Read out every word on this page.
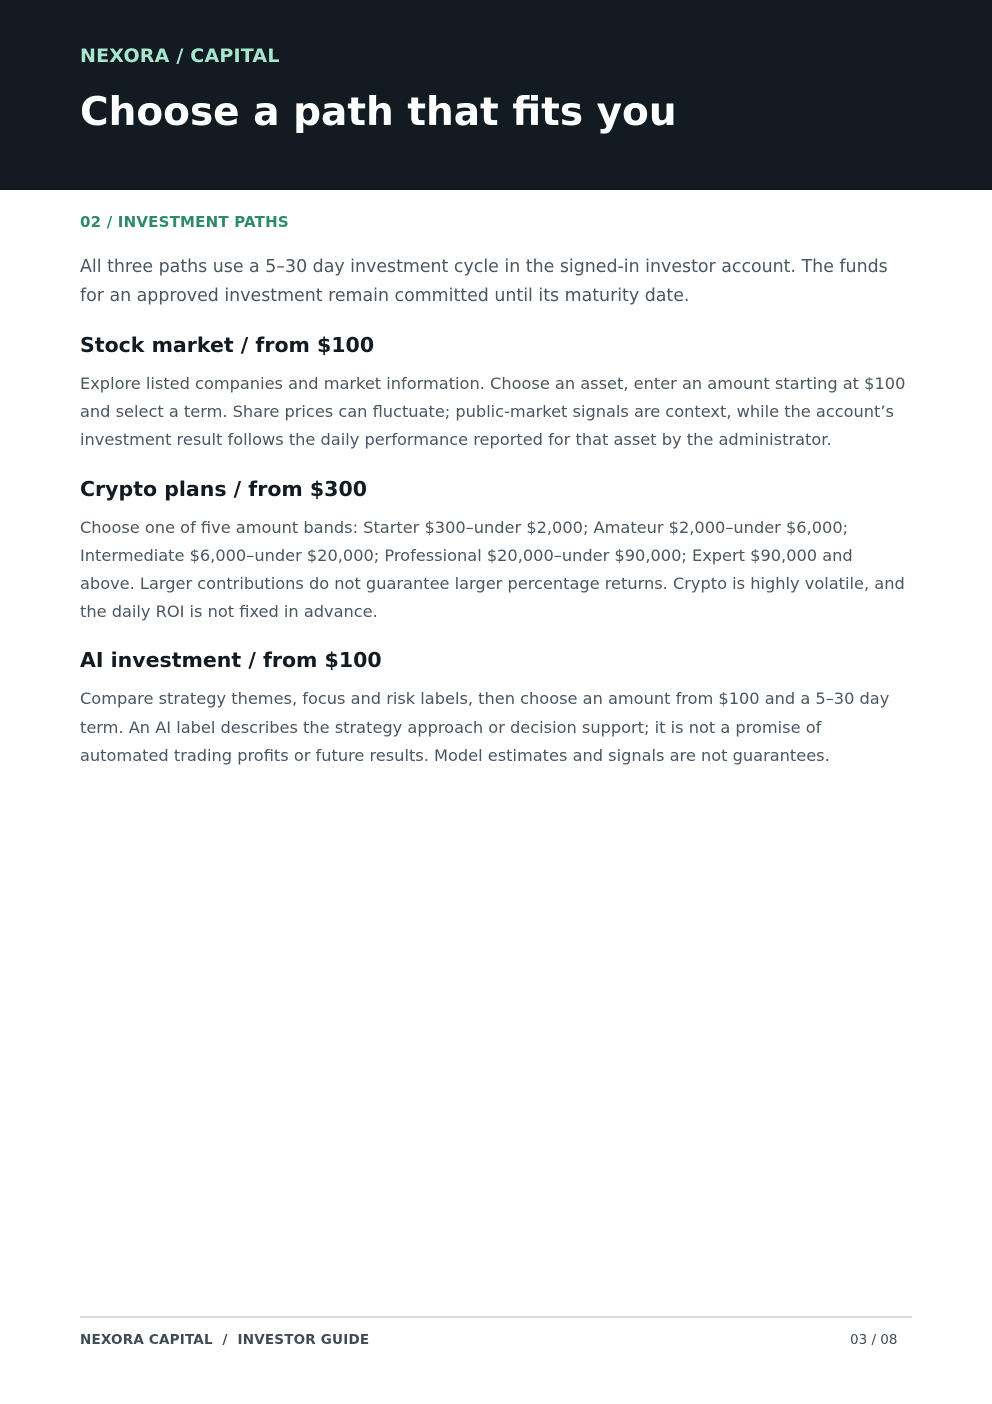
NEXORA / CAPITAL
Choose a path that fits you
02 / INVESTMENT PATHS
All three paths use a 5–30 day investment cycle in the signed-in investor account. The funds for an approved investment remain committed until its maturity date.
Stock market / from $100
Explore listed companies and market information. Choose an asset, enter an amount starting at $100 and select a term. Share prices can fluctuate; public-market signals are context, while the account’s investment result follows the daily performance reported for that asset by the administrator.
Crypto plans / from $300
Choose one of five amount bands: Starter $300–under $2,000; Amateur $2,000–under $6,000; Intermediate $6,000–under $20,000; Professional $20,000–under $90,000; Expert $90,000 and above. Larger contributions do not guarantee larger percentage returns. Crypto is highly volatile, and the daily ROI is not fixed in advance.
AI investment / from $100
Compare strategy themes, focus and risk labels, then choose an amount from $100 and a 5–30 day term. An AI label describes the strategy approach or decision support; it is not a promise of automated trading profits or future results. Model estimates and signals are not guarantees.
NEXORA CAPITAL  /  INVESTOR GUIDE	03 / 08
